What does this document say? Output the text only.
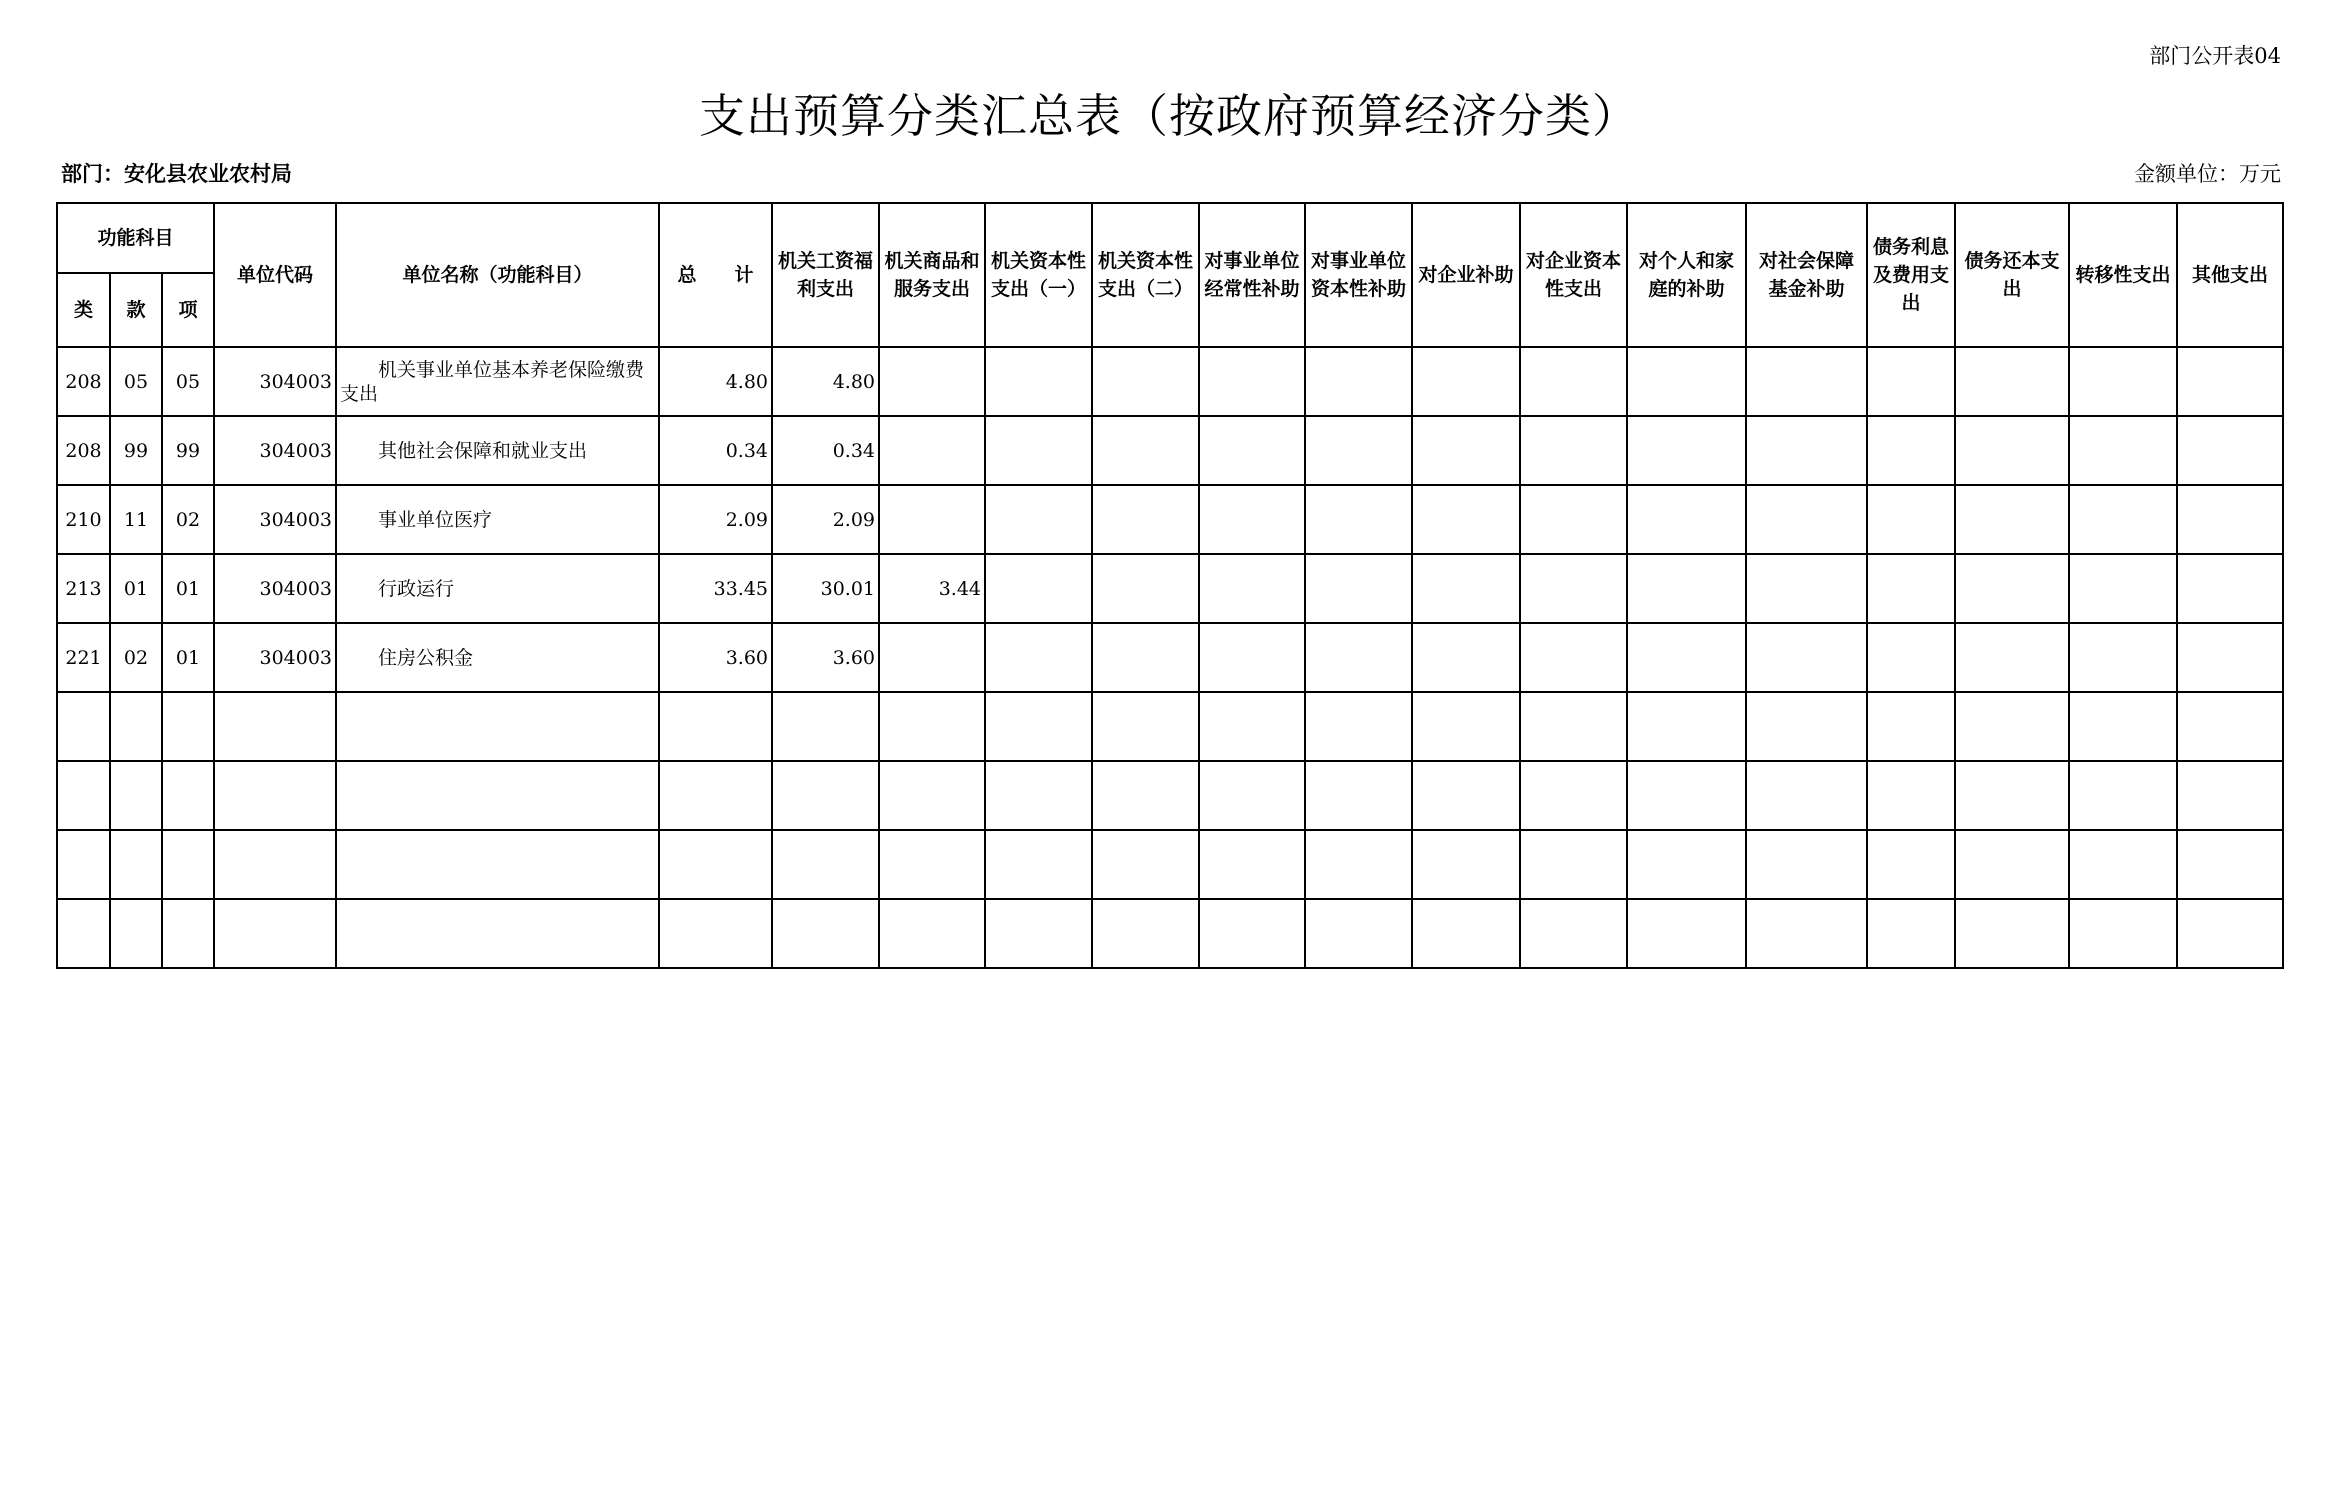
部门公开表04
支出预算分类汇总表（按政府预算经济分类）
部门：安化县农业农村局	金额单位：万元
功能科目			单位代码	单位名称（功能科目）	总　　计	机关工资福利支出	机关商品和服务支出	机关资本性支出（一）	机关资本性支出（二）	对事业单位经常性补助	对事业单位资本性补助	对企业补助	对企业资本性支出	对个人和家庭的补助	对社会保障基金补助	债务利息及费用支出	债务还本支出	转移性支出	其他支出
类	款	项																	
208	05	05	304003	　　机关事业单位基本养老保险缴费支出	4.80	4.80													
208	99	99	304003	　　其他社会保障和就业支出	0.34	0.34													
210	11	02	304003	　　事业单位医疗	2.09	2.09													
213	01	01	304003	　　行政运行	33.45	30.01	3.44												
221	02	01	304003	　　住房公积金	3.60	3.60													
